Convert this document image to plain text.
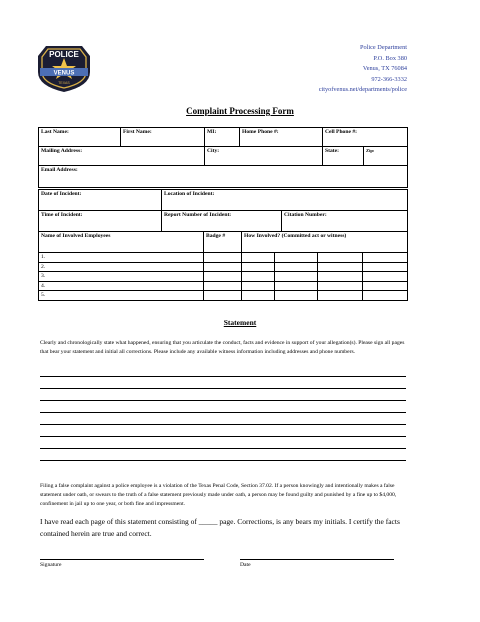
POLICE
VENUS
TEXAS
Police Department
P.O. Box 380
Venus, TX 76084
972-366-3332
cityofvenus.net/departments/police
Complaint Processing Form
Last Name:	First Name:	MI:	Home Phone #:	Cell Phone #:
Mailing Address:	City:	State:	Zip:
Email Address:
Date of Incident:	Location of Incident:	
Time of Incident:	Report Number of Incident:	Citation Number:
Name of Involved Employees	Badge #	How Involved? (Committed act or witness)			
1.					
2.					
3.					
4.					
5.					
Statement
Clearly and chronologically state what happened, ensuring that you articulate the conduct, facts and evidence in support of your allegation(s). Please sign all pages that bear your statement and initial all corrections. Please include any available witness information including addresses and phone numbers.
Filing a false complaint against a police employee is a violation of the Texas Penal Code, Section 37.02. If a person knowingly and intentionally makes a false statement under oath, or swears to the truth of a false statement previously made under oath, a person may be found guilty and punished by a fine up to $4,000, confinement in jail up to one year, or both fine and impressment.
I have read each page of this statement consisting of _____ page. Corrections, is any bears my initials. I certify the facts contained herein are true and correct.
Signature	Date
